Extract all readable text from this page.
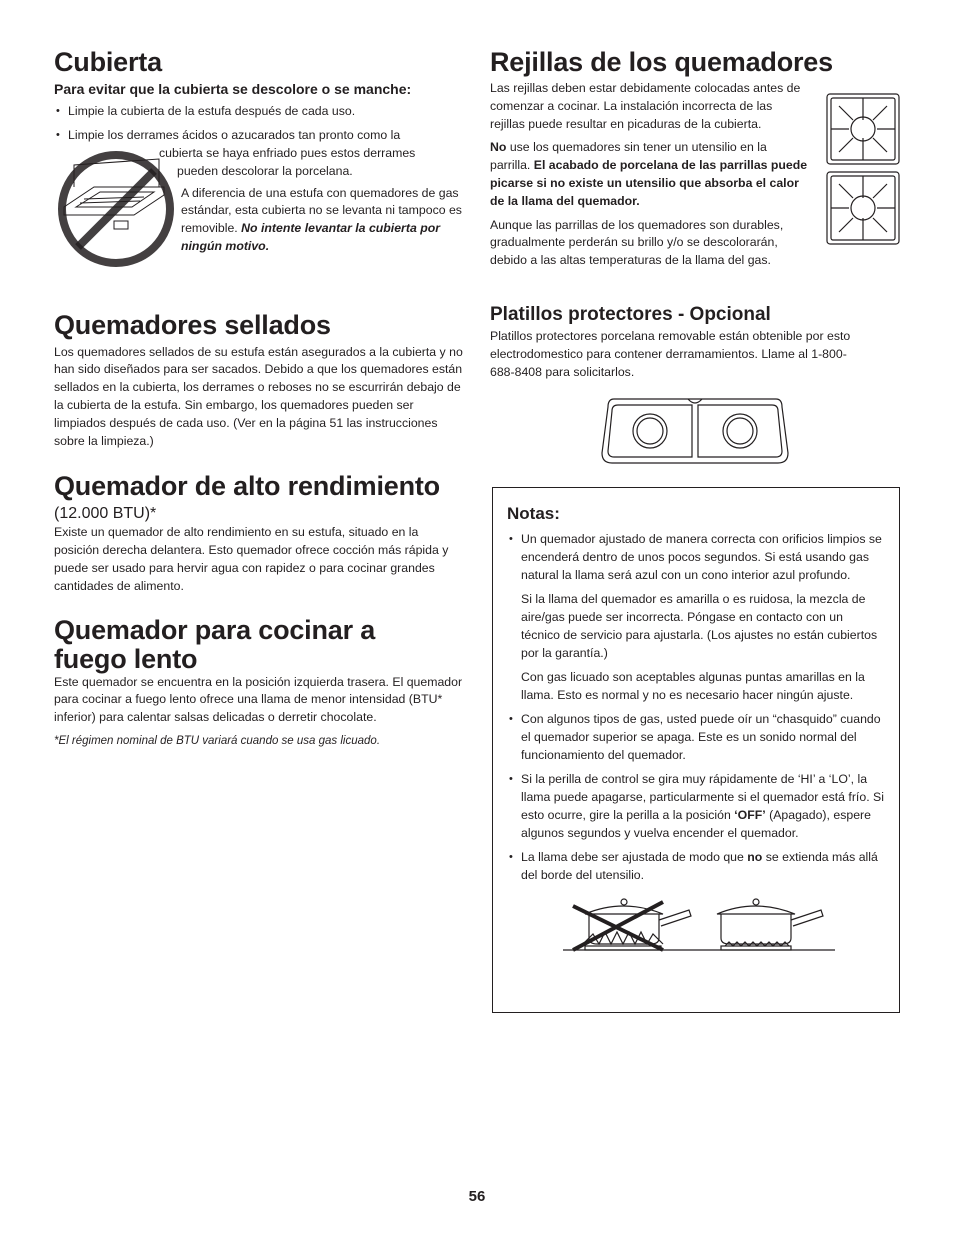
Cubierta
Para evitar que la cubierta se descolore o se manche:
• Limpie la cubierta de la estufa después de cada uso.
• Limpie los derrames ácidos o azucarados tan pronto como la

cubierta se haya enfriado pues estos derrames

pueden descolorar la porcelana.

A diferencia de una estufa con quemadores de gas estándar, esta cubierta no se levanta ni tampoco es removible. No intente levantar la cubierta por ningún motivo.

Quemadores sellados

Los quemadores sellados de su estufa están asegurados a la cubierta y no han sido diseñados para ser sacados. Debido a que los quemadores están sellados en la cubierta, los derrames o reboses no se escurrirán debajo de la cubierta de la estufa. Sin embargo, los quemadores pueden ser limpiados después de cada uso. (Ver en la página 51 las instrucciones sobre la limpieza.)

Quemador de alto rendimiento
(12.000 BTU)*

Existe un quemador de alto rendimiento en su estufa, situado en la posición derecha delantera. Esto quemador ofrece cocción más rápida y puede ser usado para hervir agua con rapidez o para cocinar grandes cantidades de alimento.

Quemador para cocinar a fuego lento

Este quemador se encuentra en la posición izquierda trasera. El quemador para cocinar a fuego lento ofrece una llama de menor intensidad (BTU* inferior) para calentar salsas delicadas o derretir chocolate.

*El régimen nominal de BTU variará cuando se usa gas licuado.

Rejillas de los quemadores

Las rejillas deben estar debidamente colocadas antes de comenzar a cocinar. La instalación incorrecta de las rejillas puede resultar en picaduras de la cubierta.

No use los quemadores sin tener un utensilio en la parrilla. El acabado de porcelana de las parrillas puede picarse si no existe un utensilio que absorba el calor de la llama del quemador.

Aunque las parrillas de los quemadores son durables, gradualmente perderán su brillo y/o se descolorarán, debido a las altas temperaturas de la llama del gas.

Platillos protectores - Opcional

Platillos protectores porcelana removable están obtenible por esto electrodomestico para contener derramamientos. Llame al 1-800-688-8408 para solicitarlos.

Notas:
• Un quemador ajustado de manera correcta con orificios limpios se encenderá dentro de unos pocos segundos. Si está usando gas natural la llama será azul con un cono interior azul profundo.
Si la llama del quemador es amarilla o es ruidosa, la mezcla de aire/gas puede ser incorrecta. Póngase en contacto con un técnico de servicio para ajustarla. (Los ajustes no están cubiertos por la garantía.)
Con gas licuado son aceptables algunas puntas amarillas en la llama. Esto es normal y no es necesario hacer ningún ajuste.
• Con algunos tipos de gas, usted puede oír un “chasquido” cuando el quemador superior se apaga. Este es un sonido normal del funcionamiento del quemador.
• Si la perilla de control se gira muy rápidamente de ‘HI’ a ‘LO’, la llama puede apagarse, particularmente si el quemador está frío. Si esto ocurre, gire la perilla a la posición ‘OFF’ (Apagado), espere algunos segundos y vuelva encender el quemador.
• La llama debe ser ajustada de modo que no se extienda más allá del borde del utensilio.
56
